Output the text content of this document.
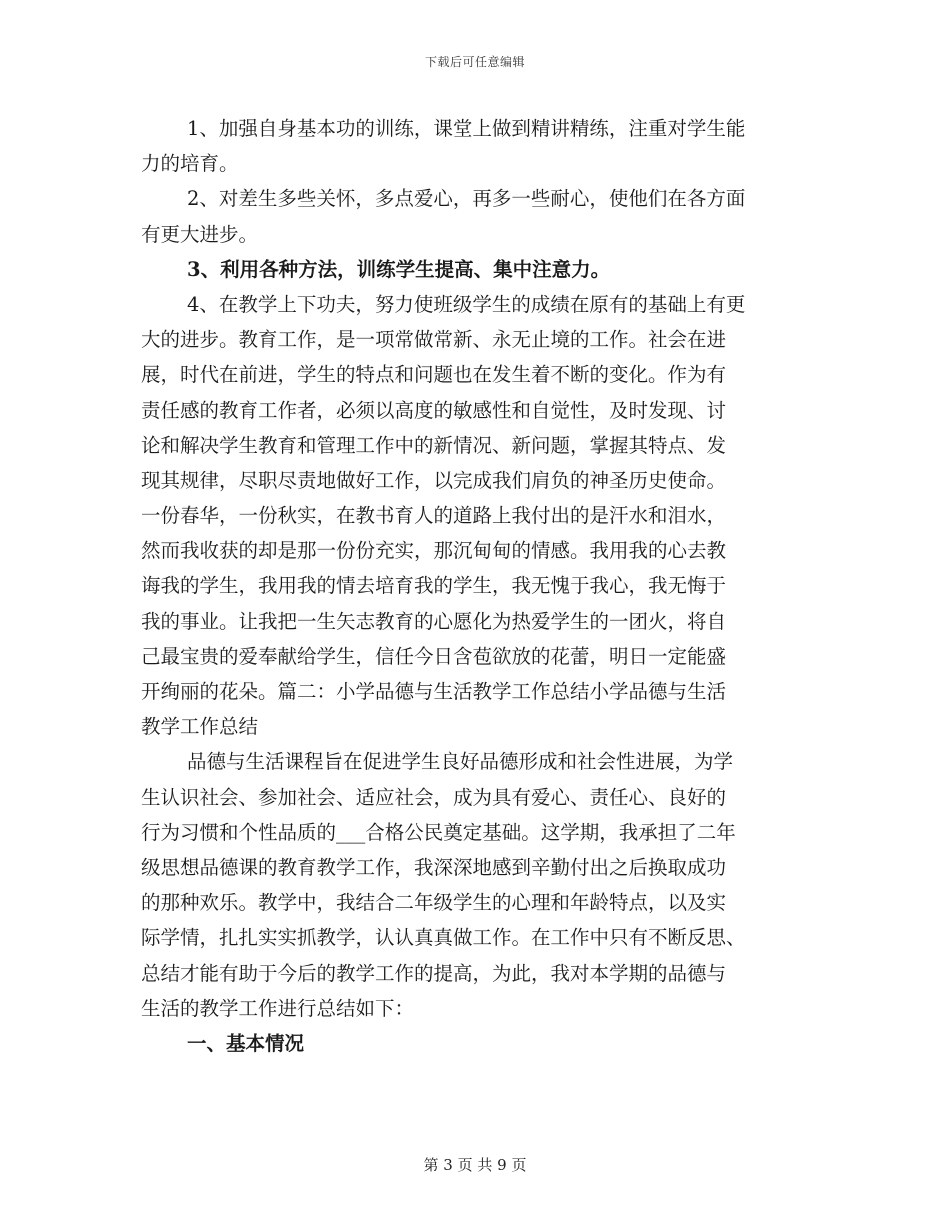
下载后可任意编辑
1、加强自身基本功的训练，课堂上做到精讲精练，注重对学生能
力的培育。
2、对差生多些关怀，多点爱心，再多一些耐心，使他们在各方面
有更大进步。
3、利用各种方法，训练学生提高、集中注意力。
4、在教学上下功夫，努力使班级学生的成绩在原有的基础上有更
大的进步。教育工作，是一项常做常新、永无止境的工作。社会在进
展，时代在前进，学生的特点和问题也在发生着不断的变化。作为有
责任感的教育工作者，必须以高度的敏感性和自觉性，及时发现、讨
论和解决学生教育和管理工作中的新情况、新问题，掌握其特点、发
现其规律，尽职尽责地做好工作，以完成我们肩负的神圣历史使命。
一份春华，一份秋实，在教书育人的道路上我付出的是汗水和泪水，
然而我收获的却是那一份份充实，那沉甸甸的情感。我用我的心去教
诲我的学生，我用我的情去培育我的学生，我无愧于我心，我无悔于
我的事业。让我把一生矢志教育的心愿化为热爱学生的一团火，将自
己最宝贵的爱奉献给学生，信任今日含苞欲放的花蕾，明日一定能盛
开绚丽的花朵。篇二：小学品德与生活教学工作总结小学品德与生活
教学工作总结
品德与生活课程旨在促进学生良好品德形成和社会性进展，为学
生认识社会、参加社会、适应社会，成为具有爱心、责任心、良好的
行为习惯和个性品质的___合格公民奠定基础。这学期，我承担了二年
级思想品德课的教育教学工作，我深深地感到辛勤付出之后换取成功
的那种欢乐。教学中，我结合二年级学生的心理和年龄特点，以及实
际学情，扎扎实实抓教学，认认真真做工作。在工作中只有不断反思、
总结才能有助于今后的教学工作的提高，为此，我对本学期的品德与
生活的教学工作进行总结如下：
一、基本情况
第 3 页 共 9 页
